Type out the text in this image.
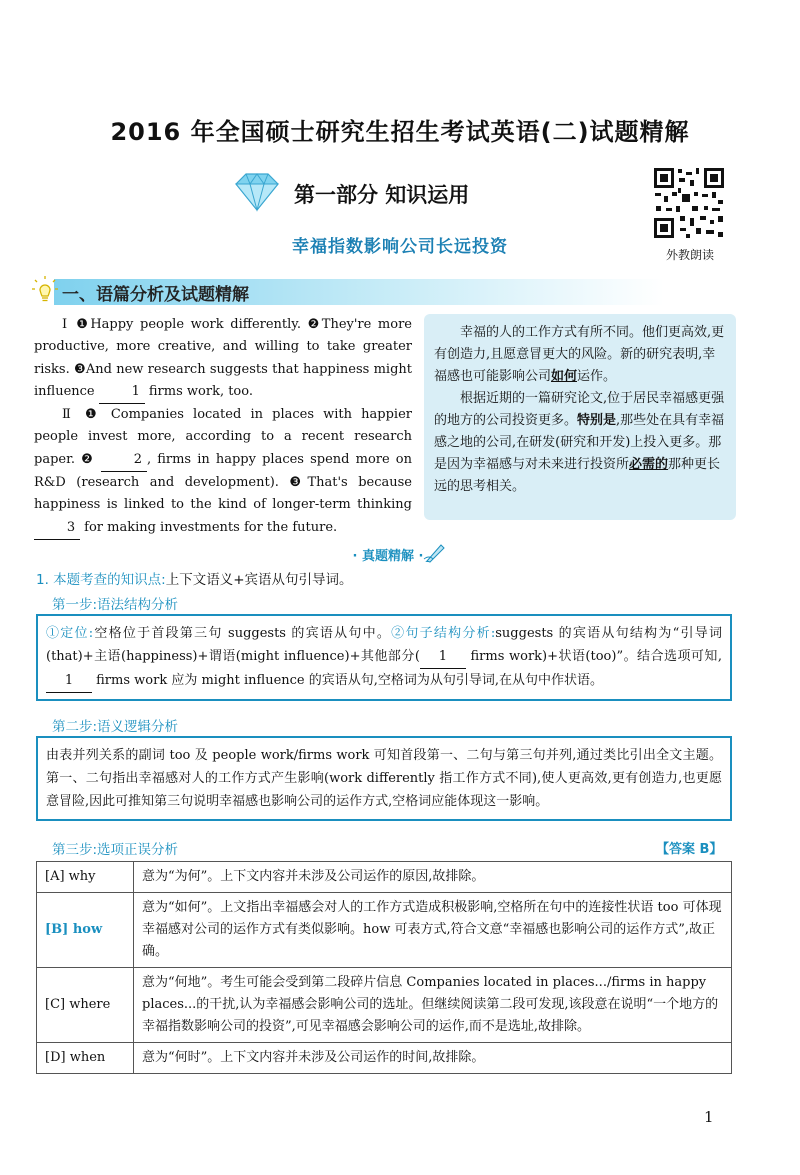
2016 年全国硕士研究生招生考试英语(二)试题精解
第一部分 知识运用
外教朗读
幸福指数影响公司长远投资
一、语篇分析及试题精解

Ⅰ ❶Happy people work differently. ❷They're more productive, more creative, and willing to take greater risks. ❸And new research suggests that happiness might influence	1 firms work, too.

Ⅱ ❶ Companies located in places with happier people invest more, according to a recent research paper. ❷	2 , firms in happy places spend more on R&D (research and development). ❸That's because happiness is linked to the kind of longer-term thinking 3 for making investments for the future.

幸福的人的工作方式有所不同。他们更高效,更有创造力,且愿意冒更大的风险。新的研究表明,幸福感也可能影响公司如何运作。

根据近期的一篇研究论文,位于居民幸福感更强的地方的公司投资更多。特别是,那些处在具有幸福感之地的公司,在研发(研究和开发)上投入更多。那是因为幸福感与对未来进行投资所必需的那种更长远的思考相关。

· 真题精解 ·
1. 本题考查的知识点:上下文语义+宾语从句引导词。
第一步:语法结构分析
①定位:空格位于首段第三句 suggests 的宾语从句中。②句子结构分析:suggests 的宾语从句结构为“引导词(that)+主语(happiness)+谓语(might influence)+其他部分( 1 firms work)+状语(too)”。结合选项可知,1 firms work 应为 might influence 的宾语从句,空格词为从句引导词,在从句中作状语。
第二步:语义逻辑分析
由表并列关系的副词 too 及 people work/firms work 可知首段第一、二句与第三句并列,通过类比引出全文主题。第一、二句指出幸福感对人的工作方式产生影响(work differently 指工作方式不同),使人更高效,更有创造力,也更愿意冒险,因此可推知第三句说明幸福感也影响公司的运作方式,空格词应能体现这一影响。
第三步:选项正误分析	【答案 B】
[A] why	意为“为何”。上下文内容并未涉及公司运作的原因,故排除。
[B] how	意为“如何”。上文指出幸福感会对人的工作方式造成积极影响,空格所在句中的连接性状语 too 可体现幸福感对公司的运作方式有类似影响。how 可表方式,符合文意“幸福感也影响公司的运作方式”,故正确。
[C] where	意为“何地”。考生可能会受到第二段碎片信息 Companies located in places.../firms in happy places...的干扰,认为幸福感会影响公司的选址。但继续阅读第二段可发现,该段意在说明“一个地方的幸福指数影响公司的投资”,可见幸福感会影响公司的运作,而不是选址,故排除。
[D] when	意为“何时”。上下文内容并未涉及公司运作的时间,故排除。
1
